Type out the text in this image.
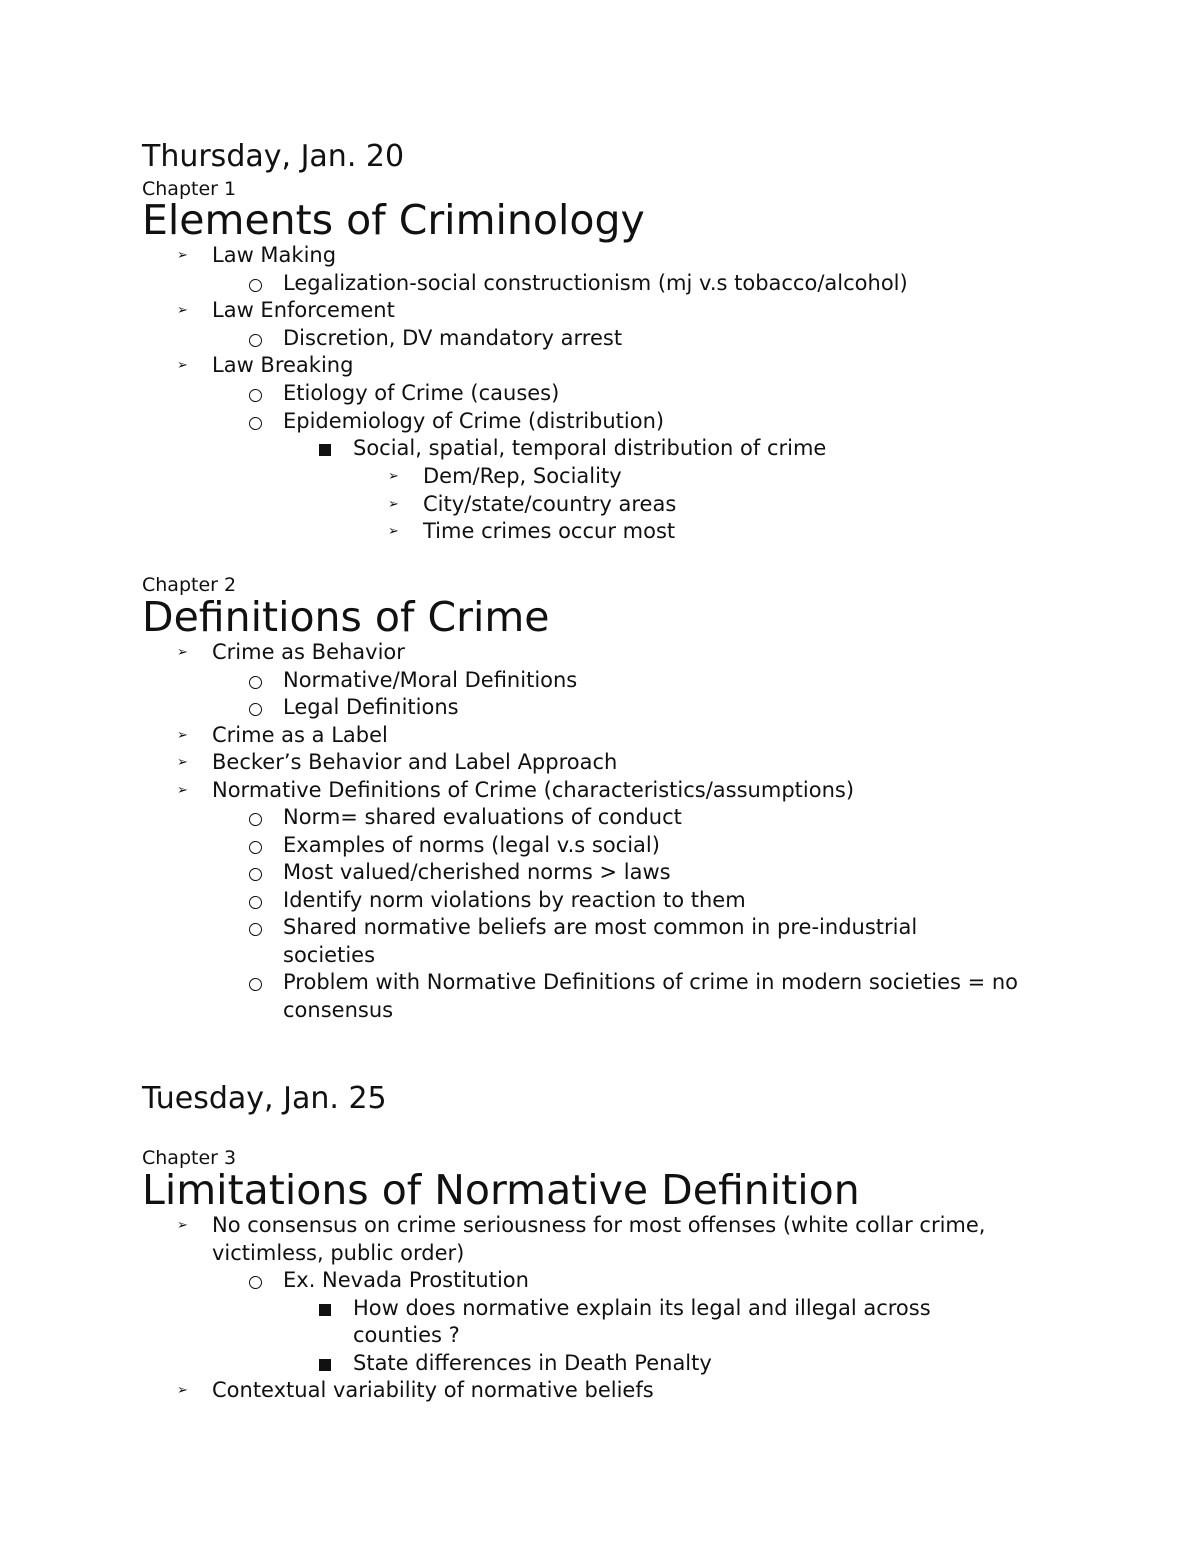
Thursday, Jan. 20
Chapter 1
Elements of Criminology
➢ Law Making
Legalization-social constructionism (mj v.s tobacco/alcohol)
➢ Law Enforcement
Discretion, DV mandatory arrest
➢ Law Breaking
Etiology of Crime (causes)
Epidemiology of Crime (distribution)
Social, spatial, temporal distribution of crime
➢ Dem/Rep, Sociality
➢ City/state/country areas
➢ Time crimes occur most
Chapter 2
Definitions of Crime
➢ Crime as Behavior
Normative/Moral Definitions
Legal Definitions
➢ Crime as a Label
➢ Becker’s Behavior and Label Approach
➢ Normative Definitions of Crime (characteristics/assumptions)
Norm= shared evaluations of conduct
Examples of norms (legal v.s social)
Most valued/cherished norms > laws
Identify norm violations by reaction to them
Shared normative beliefs are most common in pre-industrial
societies
Problem with Normative Definitions of crime in modern societies = no
consensus
Tuesday, Jan. 25
Chapter 3
Limitations of Normative Definition
➢ No consensus on crime seriousness for most offenses (white collar crime,
victimless, public order)
Ex. Nevada Prostitution
How does normative explain its legal and illegal across
counties ?
State differences in Death Penalty
➢ Contextual variability of normative beliefs
